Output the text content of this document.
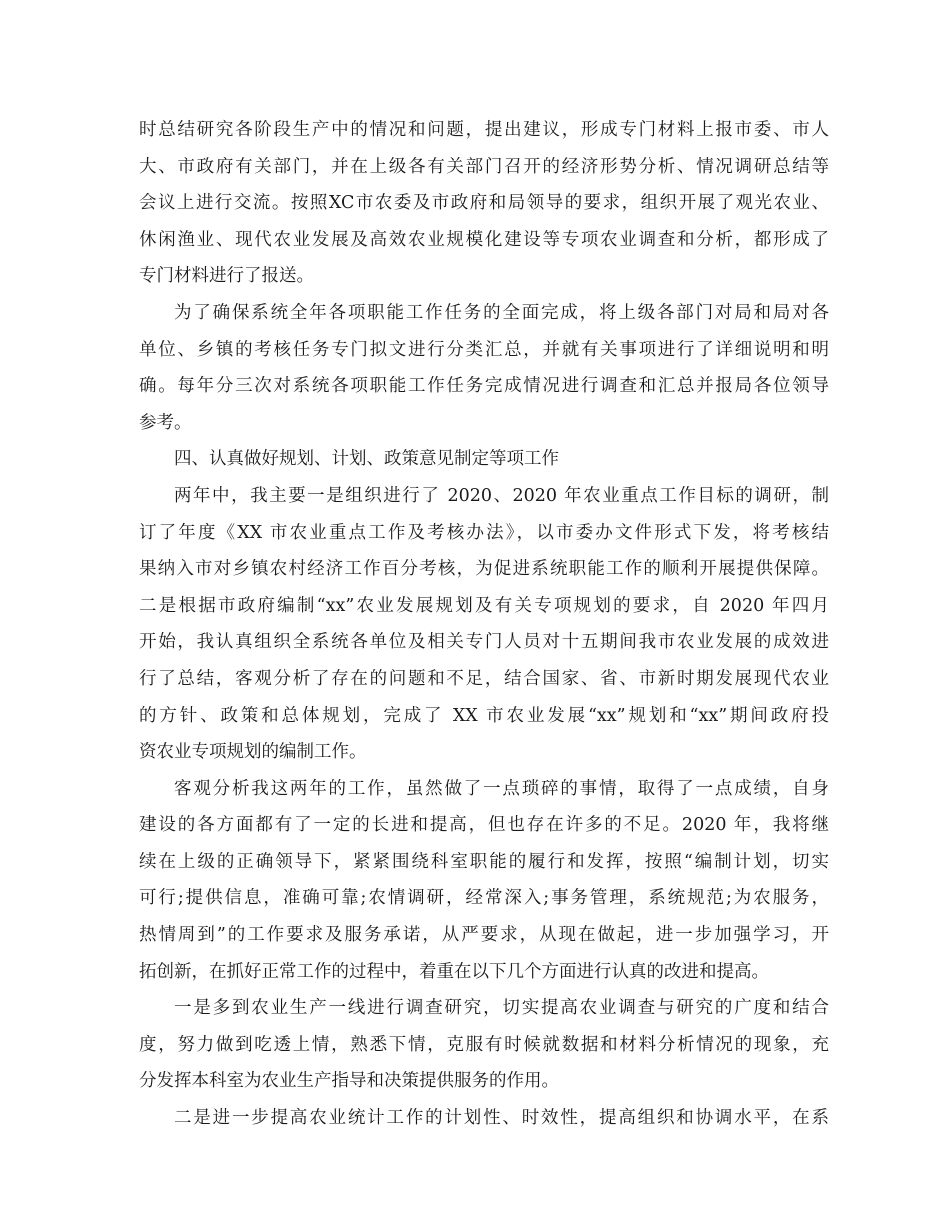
时总结研究各阶段生产中的情况和问题，提出建议，形成专门材料上报市委、市人
大、市政府有关部门，并在上级各有关部门召开的经济形势分析、情况调研总结等
会议上进行交流。按照XC市农委及市政府和局领导的要求，组织开展了观光农业、
休闲渔业、现代农业发展及高效农业规模化建设等专项农业调查和分析，都形成了
专门材料进行了报送。
为了确保系统全年各项职能工作任务的全面完成，将上级各部门对局和局对各
单位、乡镇的考核任务专门拟文进行分类汇总，并就有关事项进行了详细说明和明
确。每年分三次对系统各项职能工作任务完成情况进行调查和汇总并报局各位领导
参考。
四、认真做好规划、计划、政策意见制定等项工作
两年中，我主要一是组织进行了 2020、2020 年农业重点工作目标的调研，制
订了年度《XX 市农业重点工作及考核办法》，以市委办文件形式下发，将考核结
果纳入市对乡镇农村经济工作百分考核，为促进系统职能工作的顺利开展提供保障。
二是根据市政府编制“xx”农业发展规划及有关专项规划的要求，自 2020 年四月
开始，我认真组织全系统各单位及相关专门人员对十五期间我市农业发展的成效进
行了总结，客观分析了存在的问题和不足，结合国家、省、市新时期发展现代农业
的方针、政策和总体规划，完成了 XX 市农业发展“xx”规划和“xx”期间政府投
资农业专项规划的编制工作。
客观分析我这两年的工作，虽然做了一点琐碎的事情，取得了一点成绩，自身
建设的各方面都有了一定的长进和提高，但也存在许多的不足。2020 年，我将继
续在上级的正确领导下，紧紧围绕科室职能的履行和发挥，按照“编制计划，切实
可行;提供信息，准确可靠;农情调研，经常深入;事务管理，系统规范;为农服务，
热情周到”的工作要求及服务承诺，从严要求，从现在做起，进一步加强学习，开
拓创新，在抓好正常工作的过程中，着重在以下几个方面进行认真的改进和提高。
一是多到农业生产一线进行调查研究，切实提高农业调查与研究的广度和结合
度，努力做到吃透上情，熟悉下情，克服有时候就数据和材料分析情况的现象，充
分发挥本科室为农业生产指导和决策提供服务的作用。
二是进一步提高农业统计工作的计划性、时效性，提高组织和协调水平，在系
